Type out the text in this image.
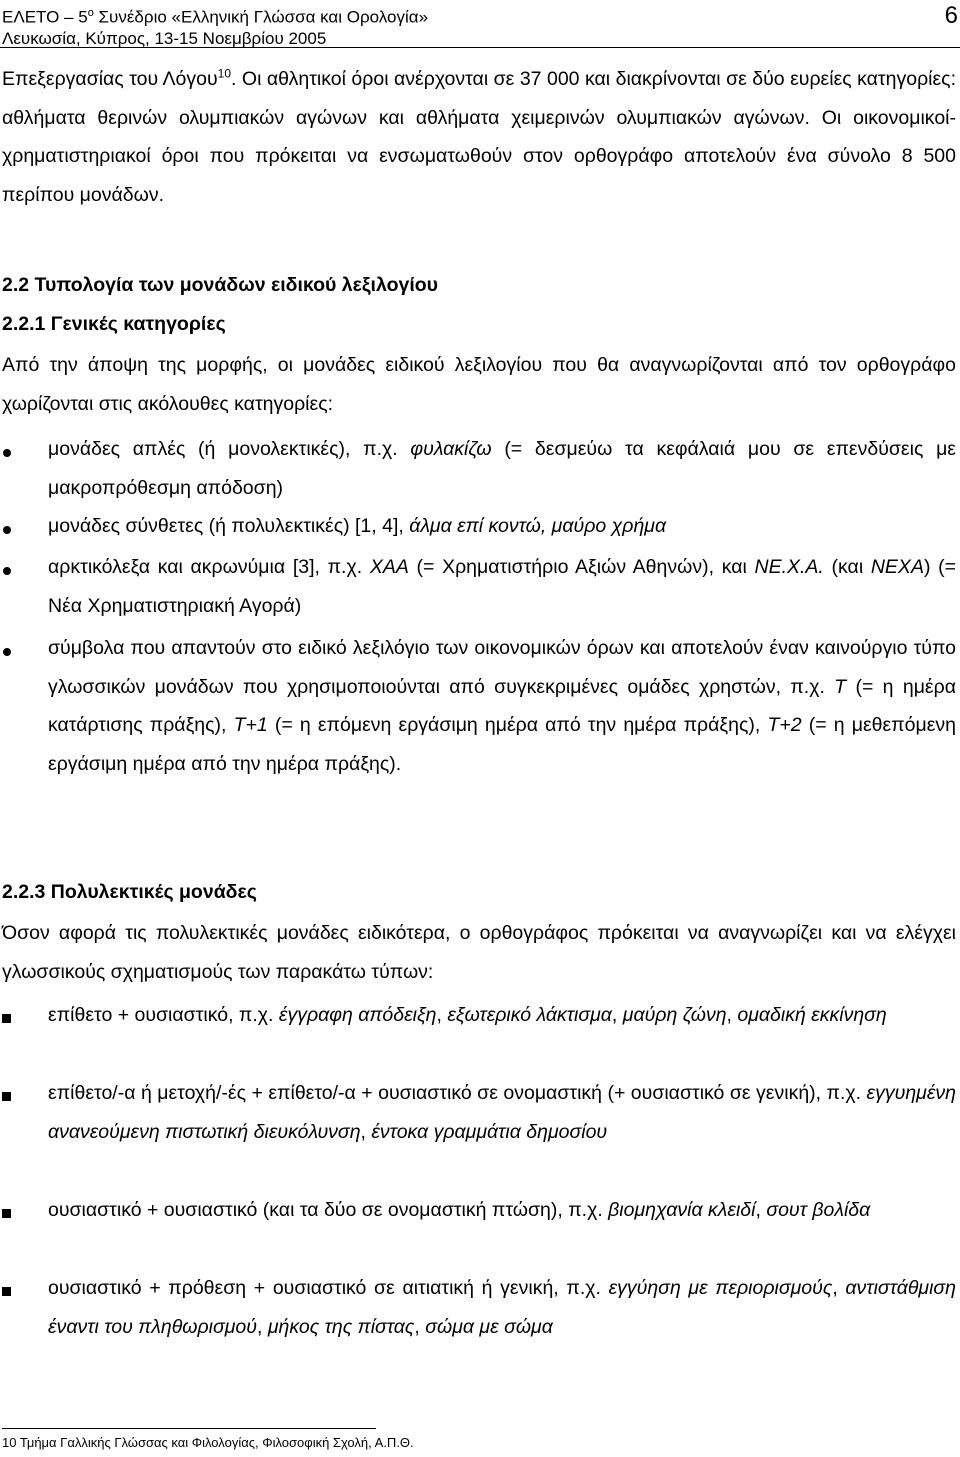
ΕΛΕΤΟ – $5^o$ Συνέδριο «Ελληνική Γλώσσα και Ορολογία»
Λευκωσία, Κύπρος, 13-15 Νοεμβρίου 2005
6

Επεξεργασίας του Λόγου$^{10}$. Οι αθλητικοί όροι ανέρχονται σε 37 000 και διακρίνονται σε δύο ευρείες κατηγορίες: αθλήματα θερινών ολυμπιακών αγώνων και αθλήματα χειμερινών ολυμπιακών αγώνων. Οι οικονομικοί-χρηματιστηριακοί όροι που πρόκειται να ενσωματωθούν στον ορθογράφο αποτελούν ένα σύνολο 8 500 περίπου μονάδων.

2.2 Τυπολογία των μονάδων ειδικού λεξιλογίου
2.2.1 Γενικές κατηγορίες

Από την άποψη της μορφής, οι μονάδες ειδικού λεξιλογίου που θα αναγνωρίζονται από τον ορθογράφο χωρίζονται στις ακόλουθες κατηγορίες:

μονάδες απλές (ή μονολεκτικές), π.χ. φυλακίζω (= δεσμεύω τα κεφάλαιά μου σε επενδύσεις με μακροπρόθεσμη απόδοση)

μονάδες σύνθετες (ή πολυλεκτικές) [1, 4], άλμα επί κοντώ, μαύρο χρήμα

αρκτικόλεξα και ακρωνύμια [3], π.χ. ΧΑΑ (= Χρηματιστήριο Αξιών Αθηνών), και ΝΕ.Χ.Α. (και ΝΕΧΑ) (= Νέα Χρηματιστηριακή Αγορά)

σύμβολα που απαντούν στο ειδικό λεξιλόγιο των οικονομικών όρων και αποτελούν έναν καινούργιο τύπο γλωσσικών μονάδων που χρησιμοποιούνται από συγκεκριμένες ομάδες χρηστών, π.χ. Τ (= η ημέρα κατάρτισης πράξης), Τ+1 (= η επόμενη εργάσιμη ημέρα από την ημέρα πράξης), Τ+2 (= η μεθεπόμενη εργάσιμη ημέρα από την ημέρα πράξης).

2.2.3 Πολυλεκτικές μονάδες

Όσον αφορά τις πολυλεκτικές μονάδες ειδικότερα, ο ορθογράφος πρόκειται να αναγνωρίζει και να ελέγχει γλωσσικούς σχηματισμούς των παρακάτω τύπων:

επίθετο + ουσιαστικό, π.χ. έγγραφη απόδειξη, εξωτερικό λάκτισμα, μαύρη ζώνη, ομαδική εκκίνηση

επίθετο/-α ή μετοχή/-ές + επίθετο/-α + ουσιαστικό σε ονομαστική (+ ουσιαστικό σε γενική), π.χ. εγγυημένη ανανεούμενη πιστωτική διευκόλυνση, έντοκα γραμμάτια δημοσίου

ουσιαστικό + ουσιαστικό (και τα δύο σε ονομαστική πτώση), π.χ. βιομηχανία κλειδί, σουτ βολίδα

ουσιαστικό + πρόθεση + ουσιαστικό σε αιτιατική ή γενική, π.χ. εγγύηση με περιορισμούς, αντιστάθμιση έναντι του πληθωρισμού, μήκος της πίστας, σώμα με σώμα

10 Τμήμα Γαλλικής Γλώσσας και Φιλολογίας, Φιλοσοφική Σχολή, Α.Π.Θ.
